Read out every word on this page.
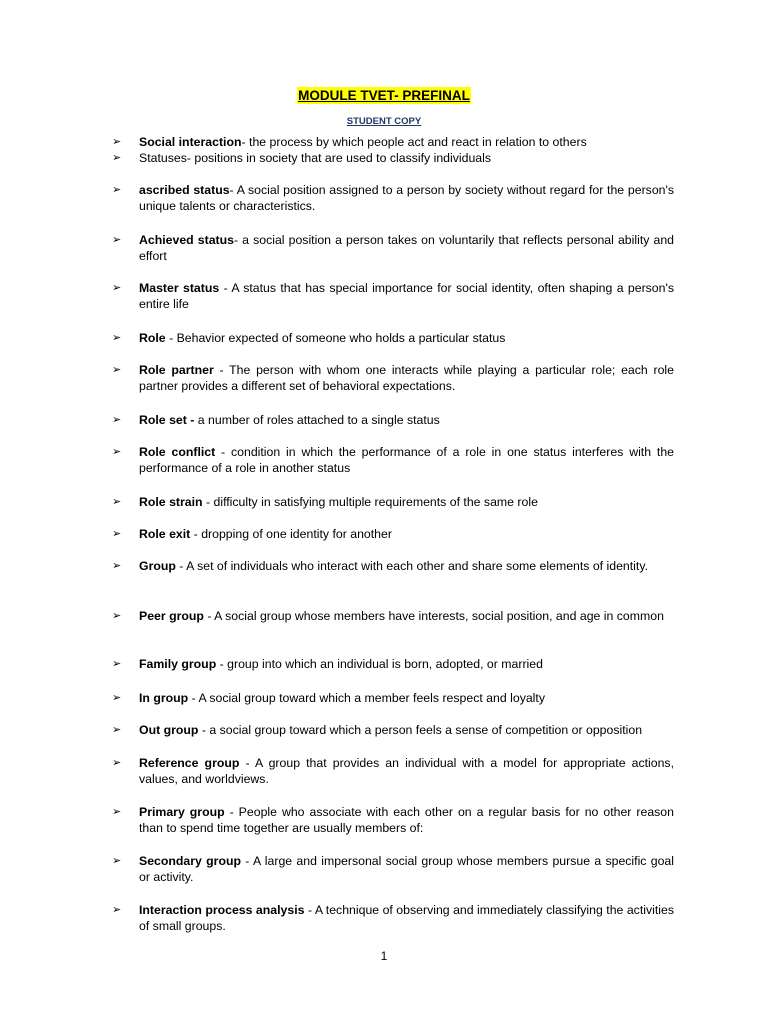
MODULE TVET- PREFINAL
STUDENT COPY
➢	Social interaction- the process by which people act and react in relation to others
➢	Statuses- positions in society that are used to classify individuals
➢	ascribed status- A social position assigned to a person by society without regard for the person's unique talents or characteristics.
➢	Achieved status- a social position a person takes on voluntarily that reflects personal ability and effort
➢	Master status - A status that has special importance for social identity, often shaping a person's entire life
➢	Role - Behavior expected of someone who holds a particular status
➢	Role partner - The person with whom one interacts while playing a particular role; each role partner provides a different set of behavioral expectations.
➢	Role set - a number of roles attached to a single status
➢	Role conflict - condition in which the performance of a role in one status interferes with the performance of a role in another status
➢	Role strain - difficulty in satisfying multiple requirements of the same role
➢	Role exit - dropping of one identity for another
➢	Group - A set of individuals who interact with each other and share some elements of identity.
➢	Peer group - A social group whose members have interests, social position, and age in common
➢	Family group - group into which an individual is born, adopted, or married
➢	In group - A social group toward which a member feels respect and loyalty
➢	Out group - a social group toward which a person feels a sense of competition or opposition
➢	Reference group - A group that provides an individual with a model for appropriate actions, values, and worldviews.
➢	Primary group - People who associate with each other on a regular basis for no other reason than to spend time together are usually members of:
➢	Secondary group - A large and impersonal social group whose members pursue a specific goal or activity.
➢	Interaction process analysis - A technique of observing and immediately classifying the activities of small groups.
1
